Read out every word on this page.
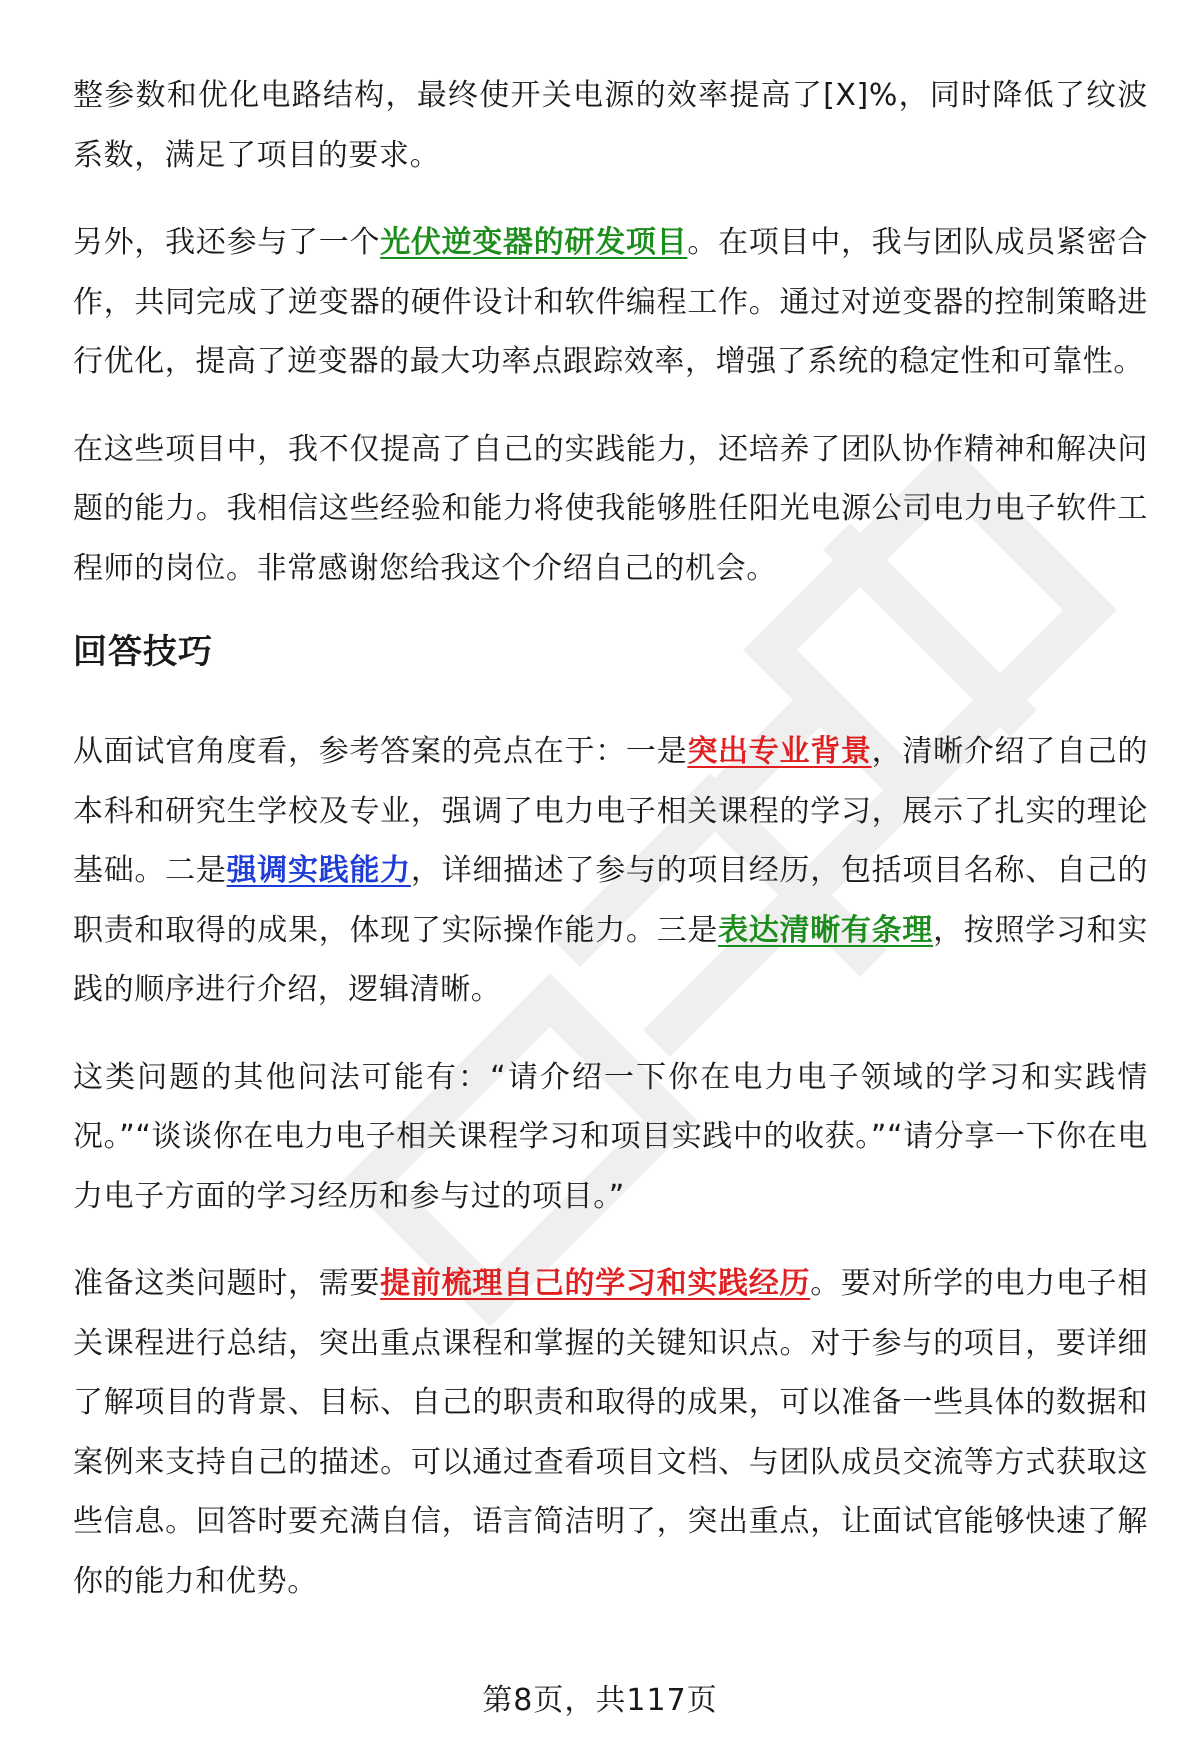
整参数和优化电路结构，最终使开关电源的效率提高了[X]%，同时降低了纹波系数，满足了项目的要求。

另外，我还参与了一个光伏逆变器的研发项目。在项目中，我与团队成员紧密合作，共同完成了逆变器的硬件设计和软件编程工作。通过对逆变器的控制策略进行优化，提高了逆变器的最大功率点跟踪效率，增强了系统的稳定性和可靠性。

在这些项目中，我不仅提高了自己的实践能力，还培养了团队协作精神和解决问题的能力。我相信这些经验和能力将使我能够胜任阳光电源公司电力电子软件工程师的岗位。非常感谢您给我这个介绍自己的机会。

回答技巧

从面试官角度看，参考答案的亮点在于：一是突出专业背景，清晰介绍了自己的本科和研究生学校及专业，强调了电力电子相关课程的学习，展示了扎实的理论基础。二是强调实践能力，详细描述了参与的项目经历，包括项目名称、自己的职责和取得的成果，体现了实际操作能力。三是表达清晰有条理，按照学习和实践的顺序进行介绍，逻辑清晰。

这类问题的其他问法可能有：“请介绍一下你在电力电子领域的学习和实践情况。”“谈谈你在电力电子相关课程学习和项目实践中的收获。”“请分享一下你在电力电子方面的学习经历和参与过的项目。”

准备这类问题时，需要提前梳理自己的学习和实践经历。要对所学的电力电子相关课程进行总结，突出重点课程和掌握的关键知识点。对于参与的项目，要详细了解项目的背景、目标、自己的职责和取得的成果，可以准备一些具体的数据和案例来支持自己的描述。可以通过查看项目文档、与团队成员交流等方式获取这些信息。回答时要充满自信，语言简洁明了，突出重点，让面试官能够快速了解你的能力和优势。

第8页，共117页
